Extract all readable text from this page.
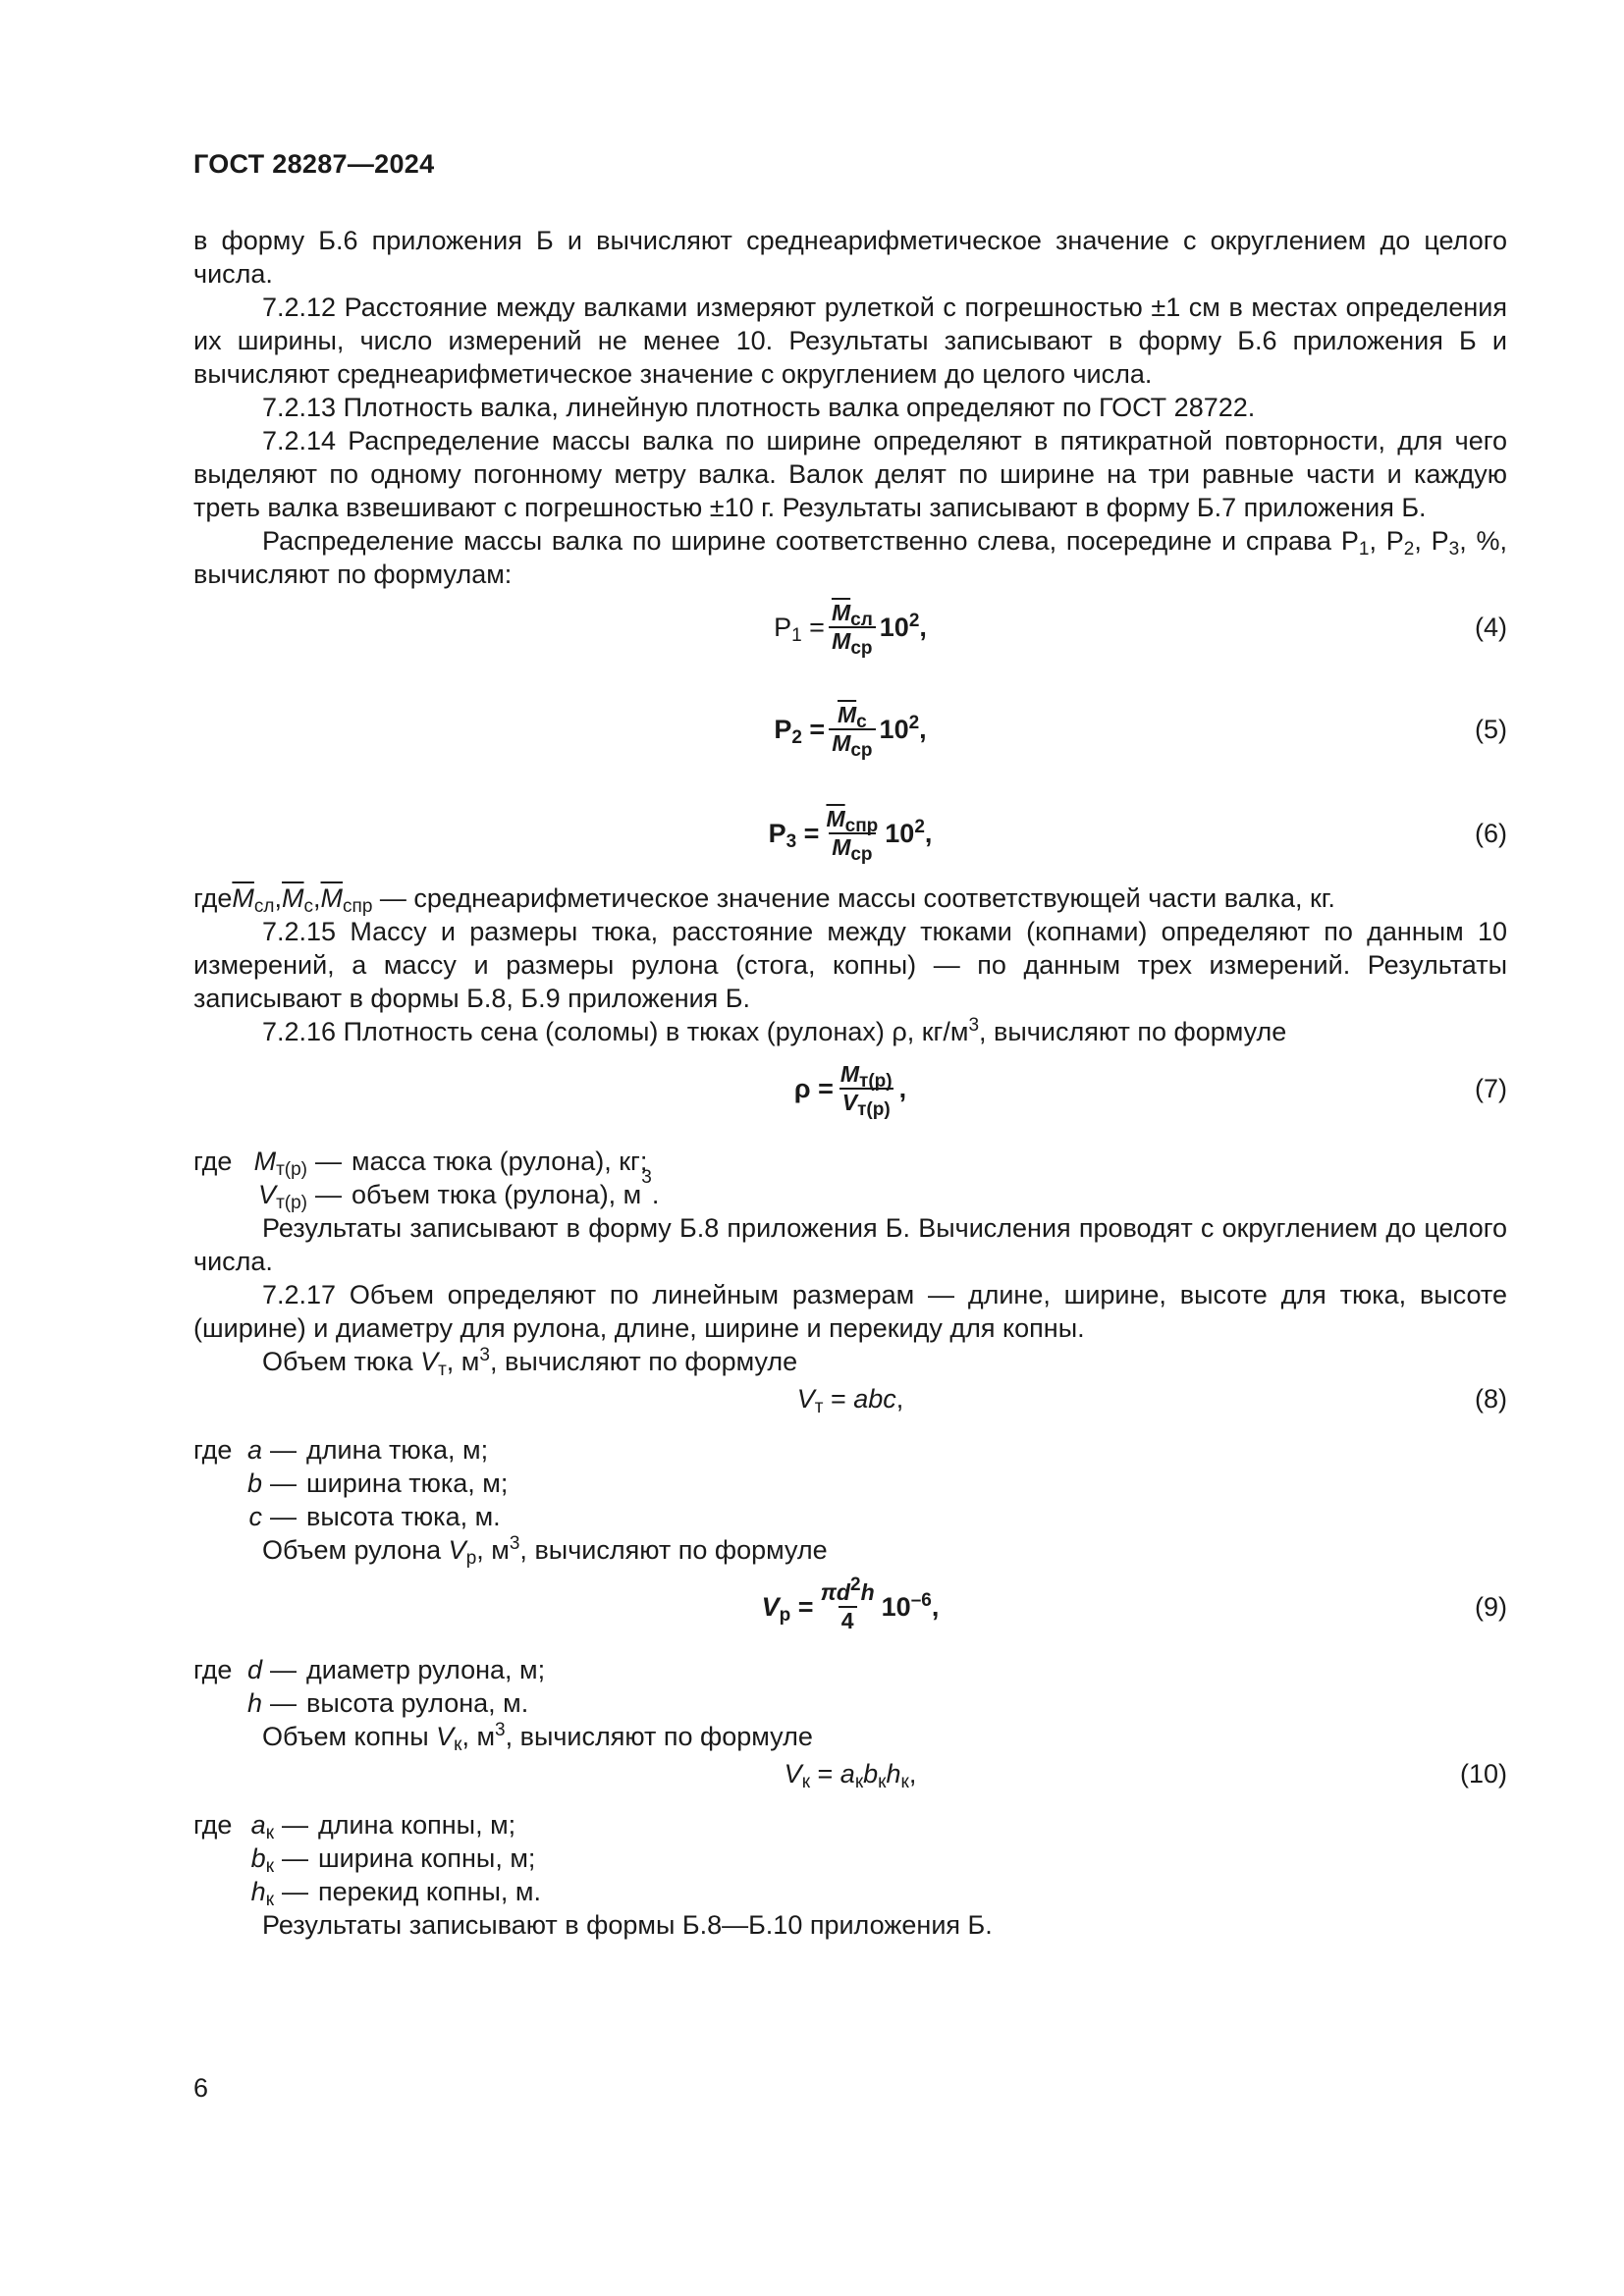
ГОСТ 28287—2024

в форму Б.6 приложения Б и вычисляют среднеарифметическое значение с округлением до целого числа.

7.2.12 Расстояние между валками измеряют рулеткой с погрешностью ±1 см в местах определения их ширины, число измерений не менее 10. Результаты записывают в форму Б.6 приложения Б и вычисляют среднеарифметическое значение с округлением до целого числа.

7.2.13 Плотность валка, линейную плотность валка определяют по ГОСТ 28722.

7.2.14 Распределение массы валка по ширине определяют в пятикратной повторности, для чего выделяют по одному погонному метру валка. Валок делят по ширине на три равные части и каждую треть валка взвешивают с погрешностью ±10 г. Результаты записывают в форму Б.7 приложения Б.

Распределение массы валка по ширине соответственно слева, посередине и справа $Р_1$, $Р_2$, $Р_3$, %, вычисляют по формулам:

$Р_1 = \frac{М_{сл}}{М_{ср}} 10^2$,	(4)
$Р_2 = \frac{М_с}{М_{ср}} 10^2$,	(5)
$Р_3 = \frac{М_{спр}}{М_{ср}} 10^2$,	(6)

$гдеМ_{сл},М_с,М_{спр}$ — среднеарифметическое значение массы соответствующей части валка, кг.

7.2.15 Массу и размеры тюка, расстояние между тюками (копнами) определяют по данным 10 измерений, а массу и размеры рулона (стога, копны) — по данным трех измерений. Результаты записывают в формы Б.8, Б.9 приложения Б.

7.2.16 Плотность сена (соломы) в тюках (рулонах) ρ, $кг/м^3$, вычисляют по формуле

$\rho = \frac{М_{т(р)}}{V_{т(р)}}$ ,	(7)
где $М_{т(р)}$ — масса тюка (рулона), кг;
$V_{т(р)}$ — объем тюка (рулона), м
3
.

Результаты записывают в форму Б.8 приложения Б. Вычисления проводят с округлением до целого числа.

7.2.17 Объем определяют по линейным размерам — длине, ширине, высоте для тюка, высоте (ширине) и диаметру для рулона, длине, ширине и перекиду для копны.

Объем тюка $V_т$, $м^3$, вычисляют по формуле

$V_т$ = abc,	(8)
где a — длина тюка, м;
b — ширина тюка, м;
c — высота тюка, м.

Объем рулона $V_р$, $м^3$, вычисляют по формуле

$V_р = \frac{\pi d^2h}{4} 10^{-6}$,	(9)
где d — диаметр рулона, м;
h — высота рулона, м.

Объем копны $V_к$, $м^3$, вычисляют по формуле

$V_к = a_кb_кh_к$,	(10)
где $a_к$ — длина копны, м;
$b_к$ — ширина копны, м;
$h_к$ — перекид копны, м.

Результаты записывают в формы Б.8—Б.10 приложения Б.

6
